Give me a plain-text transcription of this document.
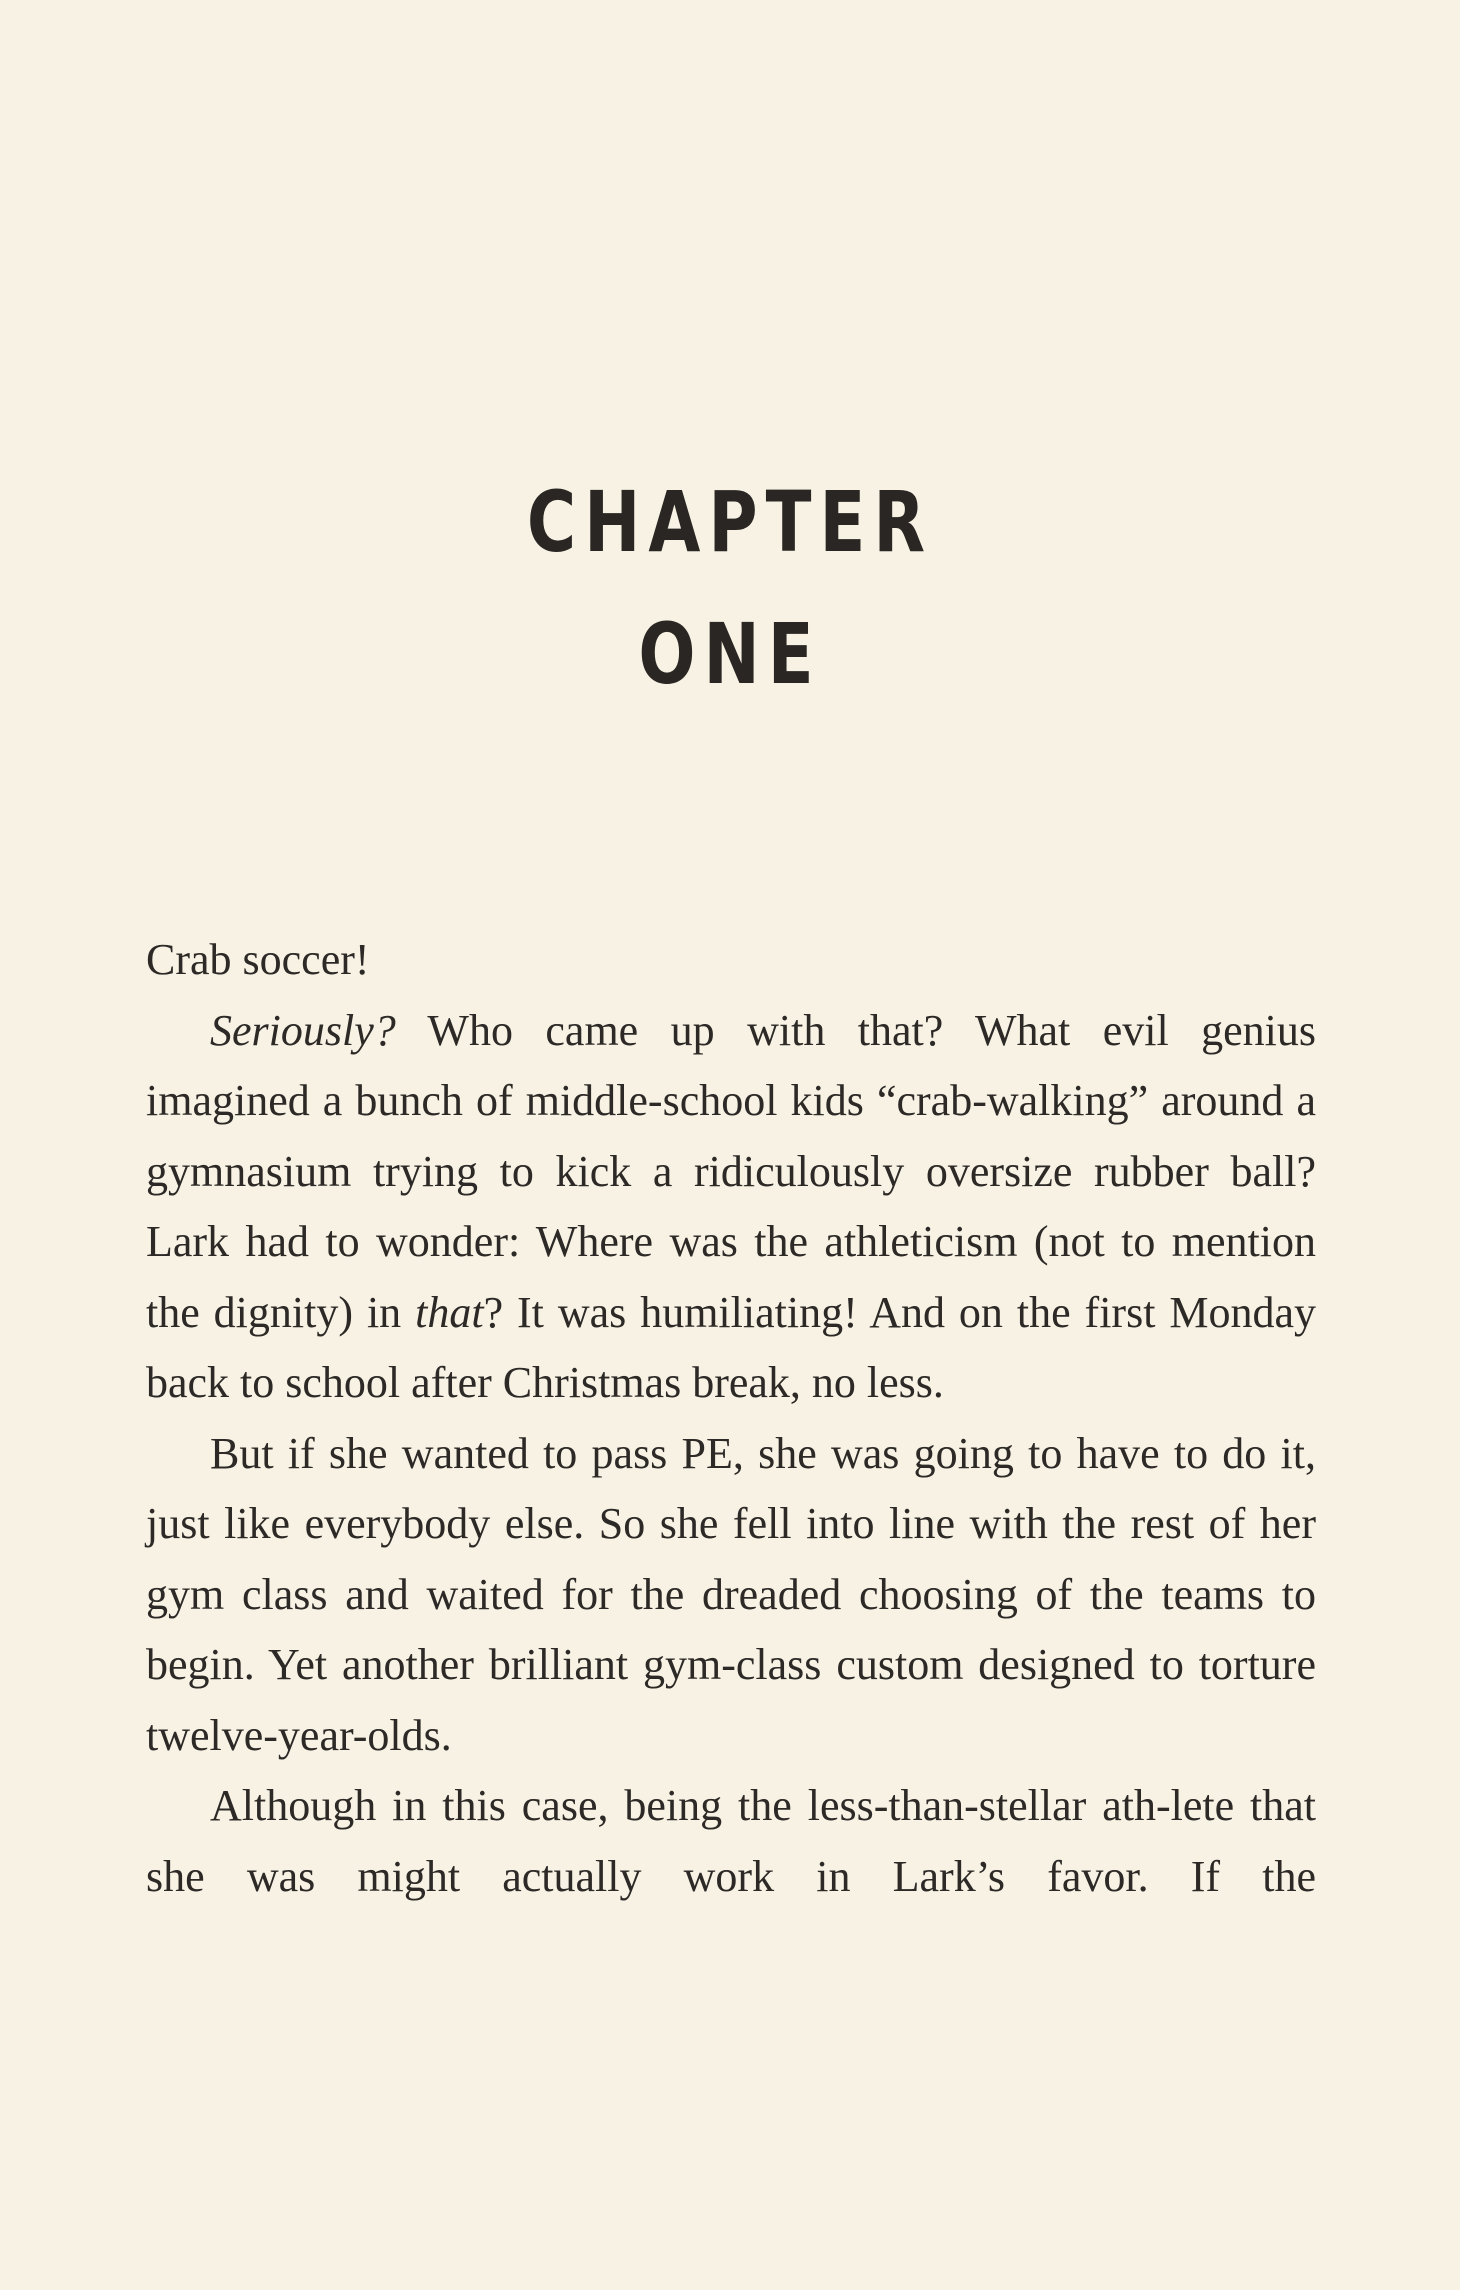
CHAPTER
ONE

Crab soccer!

Seriously? Who came up with that? What evil genius imagined a bunch of middle-school kids “crab-walking” around a gymnasium trying to kick a ridiculously oversize rubber ball? Lark had to wonder: Where was the athleticism (not to mention the dignity) in that? It was humiliating! And on the first Monday back to school after Christmas break, no less.

But if she wanted to pass PE, she was going to have to do it, just like everybody else. So she fell into line with the rest of her gym class and waited for the dreaded choosing of the teams to begin. Yet another brilliant gym-class custom designed to torture twelve-year-olds.

Although in this case, being the less-than-stellar ath-lete that she was might actually work in Lark’s favor. If the
